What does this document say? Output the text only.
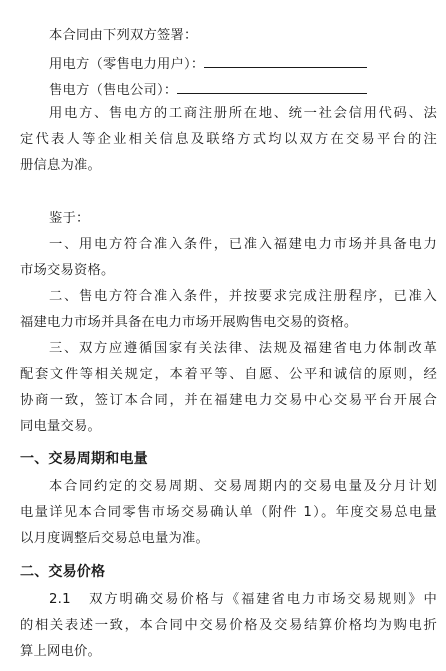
本合同由下列双方签署：
用电方（零售电力用户）：
售电方（售电公司）：
用电方、售电方的工商注册所在地、统一社会信用代码、法
定代表人等企业相关信息及联络方式均以双方在交易平台的注
册信息为准。
鉴于：
一、用电方符合准入条件，已准入福建电力市场并具备电力
市场交易资格。
二、售电方符合准入条件，并按要求完成注册程序，已准入
福建电力市场并具备在电力市场开展购售电交易的资格。
三、双方应遵循国家有关法律、法规及福建省电力体制改革
配套文件等相关规定，本着平等、自愿、公平和诚信的原则，经
协商一致，签订本合同，并在福建电力交易中心交易平台开展合
同电量交易。
一、交易周期和电量
本合同约定的交易周期、交易周期内的交易电量及分月计划
电量详见本合同零售市场交易确认单（附件 1）。年度交易总电量
以月度调整后交易总电量为准。
二、交易价格
2.1   双方明确交易价格与《福建省电力市场交易规则》中
的相关表述一致，本合同中交易价格及交易结算价格均为购电折
算上网电价。
